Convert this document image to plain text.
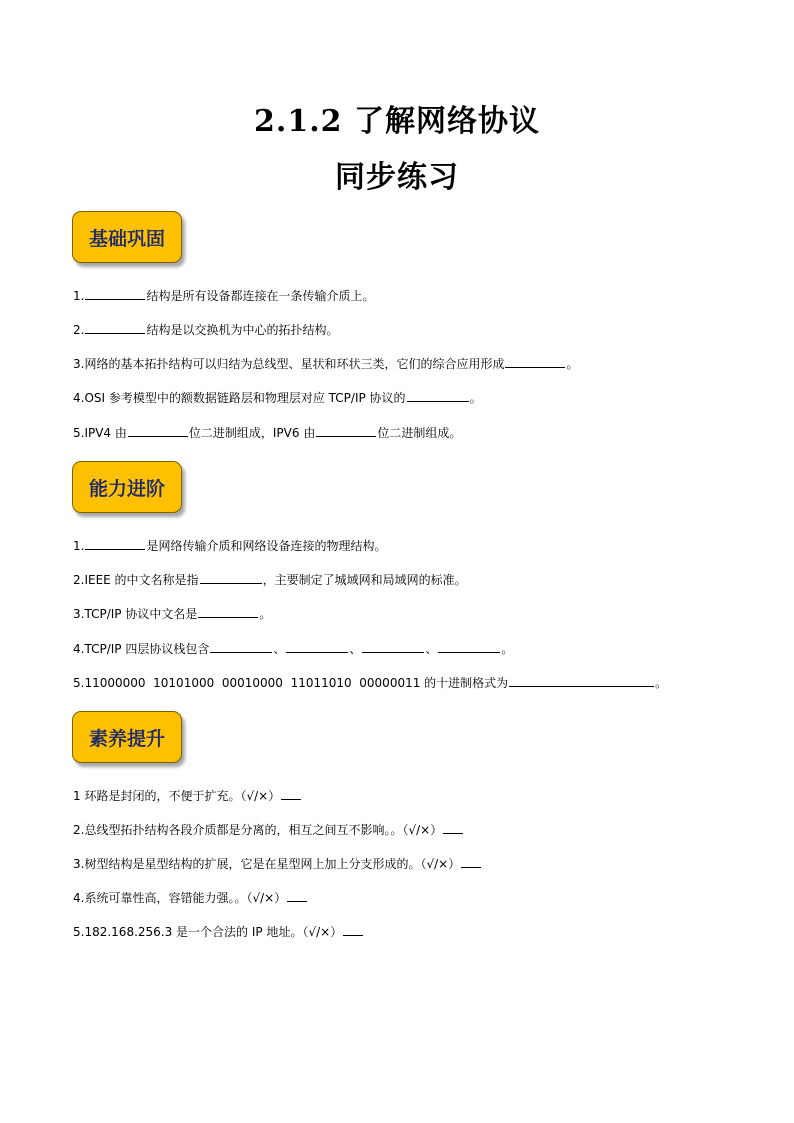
2.1.2 了解网络协议
同步练习
基础巩固
1.	结构是所有设备都连接在一条传输介质上。
2.	结构是以交换机为中心的拓扑结构。
3.网络的基本拓扑结构可以归结为总线型、星状和环状三类，它们的综合应用形成	。
4.OSI 参考模型中的额数据链路层和物理层对应 TCP/IP 协议的	。
5.IPV4 由	位二进制组成，IPV6 由	位二进制组成。
能力进阶
1.	是网络传输介质和网络设备连接的物理结构。
2.IEEE 的中文名称是指	，主要制定了城域网和局域网的标准。
3.TCP/IP 协议中文名是	。
4.TCP/IP 四层协议栈包含	、	、	、	。
5.11000000  10101000  00010000  11011010  00000011 的十进制格式为	。
素养提升
1 环路是封闭的，不便于扩充。（√/×）
2.总线型拓扑结构各段介质都是分离的，相互之间互不影响。。（√/×）
3.树型结构是星型结构的扩展，它是在星型网上加上分支形成的。（√/×）
4.系统可靠性高，容错能力强。。（√/×）
5.182.168.256.3 是一个合法的 IP 地址。（√/×）
